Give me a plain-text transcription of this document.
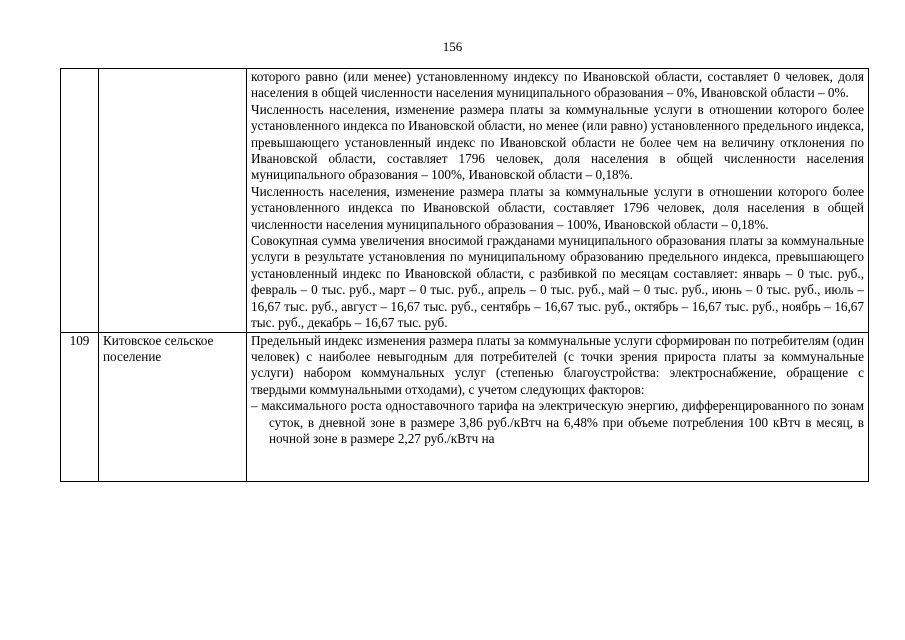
156

		которого равно (или менее) установленному индексу по Ивановской области, составляет 0 человек, доля населения в общей численности населения муниципального образования – 0%, Ивановской области – 0%.

Численность населения, изменение размера платы за коммунальные услуги в отношении которого более установленного индекса по Ивановской области, но менее (или равно) установленного предельного индекса, превышающего установленный индекс по Ивановской области не более чем на величину отклонения по Ивановской области, составляет 1796 человек, доля населения в общей численности населения муниципального образования – 100%, Ивановской области – 0,18%.

Численность населения, изменение размера платы за коммунальные услуги в отношении которого более установленного индекса по Ивановской области, составляет 1796 человек, доля населения в общей численности населения муниципального образования – 100%, Ивановской области – 0,18%.

Совокупная сумма увеличения вносимой гражданами муниципального образования платы за коммунальные услуги в результате установления по муниципальному образованию предельного индекса, превышающего установленный индекс по Ивановской области, с разбивкой по месяцам составляет: январь – 0 тыс. руб., февраль – 0 тыс. руб., март – 0 тыс. руб., апрель – 0 тыс. руб., май – 0 тыс. руб., июнь – 0 тыс. руб., июль – 16,67 тыс. руб., август – 16,67 тыс. руб., сентябрь – 16,67 тыс. руб., октябрь – 16,67 тыс. руб., ноябрь – 16,67 тыс. руб., декабрь – 16,67 тыс. руб.

109	Китовское сельское поселение	Предельный индекс изменения размера платы за коммунальные услуги сформирован по потребителям (один человек) с наиболее невыгодным для потребителей (с точки зрения прироста платы за коммунальные услуги) набором коммунальных услуг (степенью благоустройства: электроснабжение, обращение с твердыми коммунальными отходами), с учетом следующих факторов:

– максимального роста одноставочного тарифа на электрическую энергию, дифференцированного по зонам суток, в дневной зоне в размере 3,86 руб./кВтч на 6,48% при объеме потребления 100 кВтч в месяц, в ночной зоне в размере 2,27 руб./кВтч на
